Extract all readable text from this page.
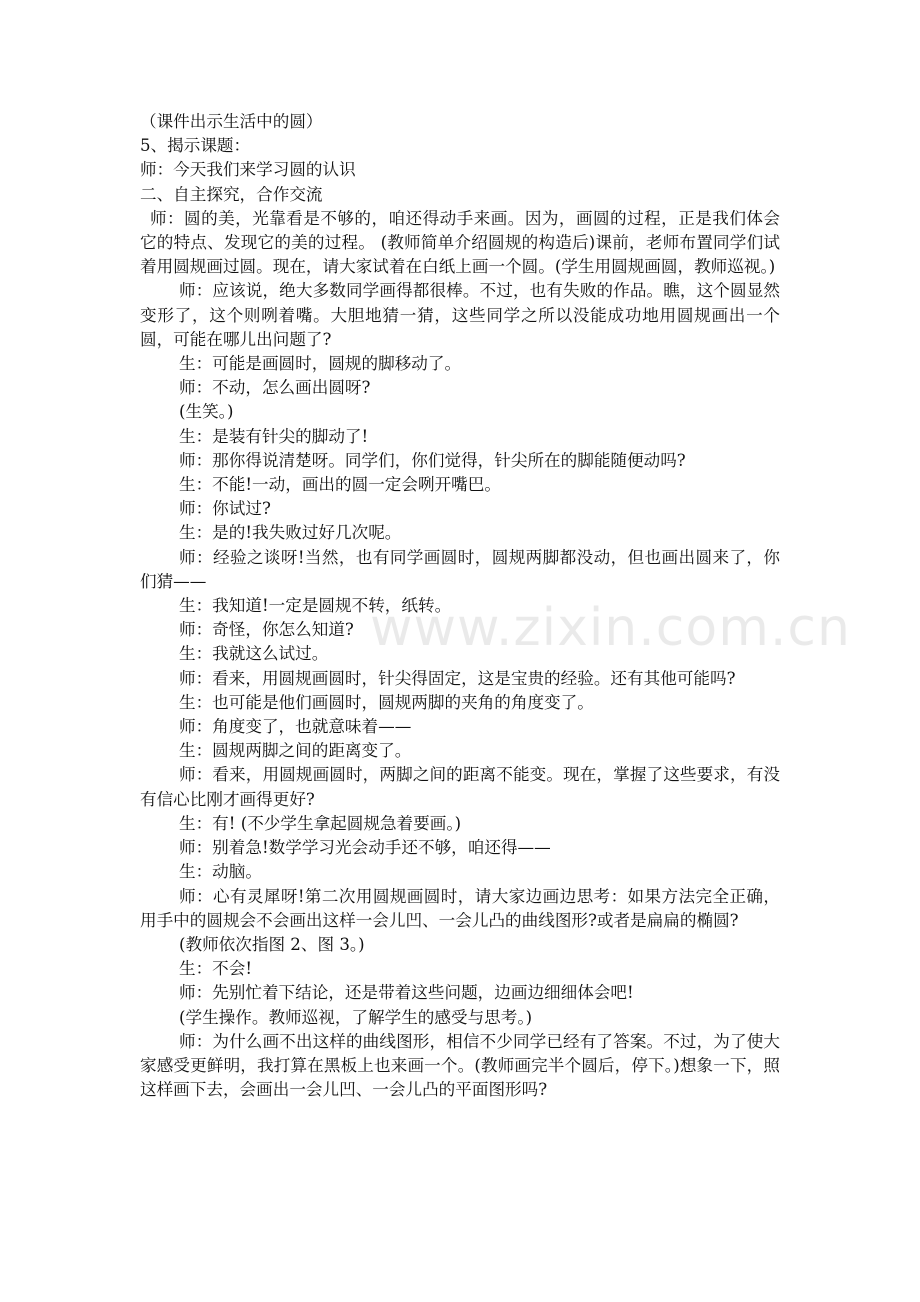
（课件出示生活中的圆）
5、揭示课题：
师：今天我们来学习圆的认识
二、自主探究，合作交流
师：圆的美，光靠看是不够的，咱还得动手来画。因为，画圆的过程，正是我们体会它的特点、发现它的美的过程。 (教师简单介绍圆规的构造后)课前，老师布置同学们试着用圆规画过圆。现在，请大家试着在白纸上画一个圆。(学生用圆规画圆，教师巡视。)
师：应该说，绝大多数同学画得都很棒。不过，也有失败的作品。瞧，这个圆显然变形了，这个则咧着嘴。大胆地猜一猜，这些同学之所以没能成功地用圆规画出一个圆，可能在哪儿出问题了?
生：可能是画圆时，圆规的脚移动了。
师：不动，怎么画出圆呀?
(生笑。)
生：是装有针尖的脚动了!
师：那你得说清楚呀。同学们，你们觉得，针尖所在的脚能随便动吗?
生：不能!一动，画出的圆一定会咧开嘴巴。
师：你试过?
生：是的!我失败过好几次呢。
师：经验之谈呀!当然，也有同学画圆时，圆规两脚都没动，但也画出圆来了，你们猜——
生：我知道!一定是圆规不转，纸转。
师：奇怪，你怎么知道?
生：我就这么试过。
师：看来，用圆规画圆时，针尖得固定，这是宝贵的经验。还有其他可能吗?
生：也可能是他们画圆时，圆规两脚的夹角的角度变了。
师：角度变了，也就意味着——
生：圆规两脚之间的距离变了。
师：看来，用圆规画圆时，两脚之间的距离不能变。现在，掌握了这些要求，有没有信心比刚才画得更好?
生：有! (不少学生拿起圆规急着要画。)
师：别着急!数学学习光会动手还不够，咱还得——
生：动脑。
师：心有灵犀呀!第二次用圆规画圆时，请大家边画边思考：如果方法完全正确，用手中的圆规会不会画出这样一会儿凹、一会儿凸的曲线图形?或者是扁扁的椭圆?
(教师依次指图 2、图 3。)
生：不会!
师：先别忙着下结论，还是带着这些问题，边画边细细体会吧!
(学生操作。教师巡视，了解学生的感受与思考。)
师：为什么画不出这样的曲线图形，相信不少同学已经有了答案。不过，为了使大家感受更鲜明，我打算在黑板上也来画一个。(教师画完半个圆后，停下。)想象一下，照这样画下去，会画出一会儿凹、一会儿凸的平面图形吗?
www.zixin.com.cn
